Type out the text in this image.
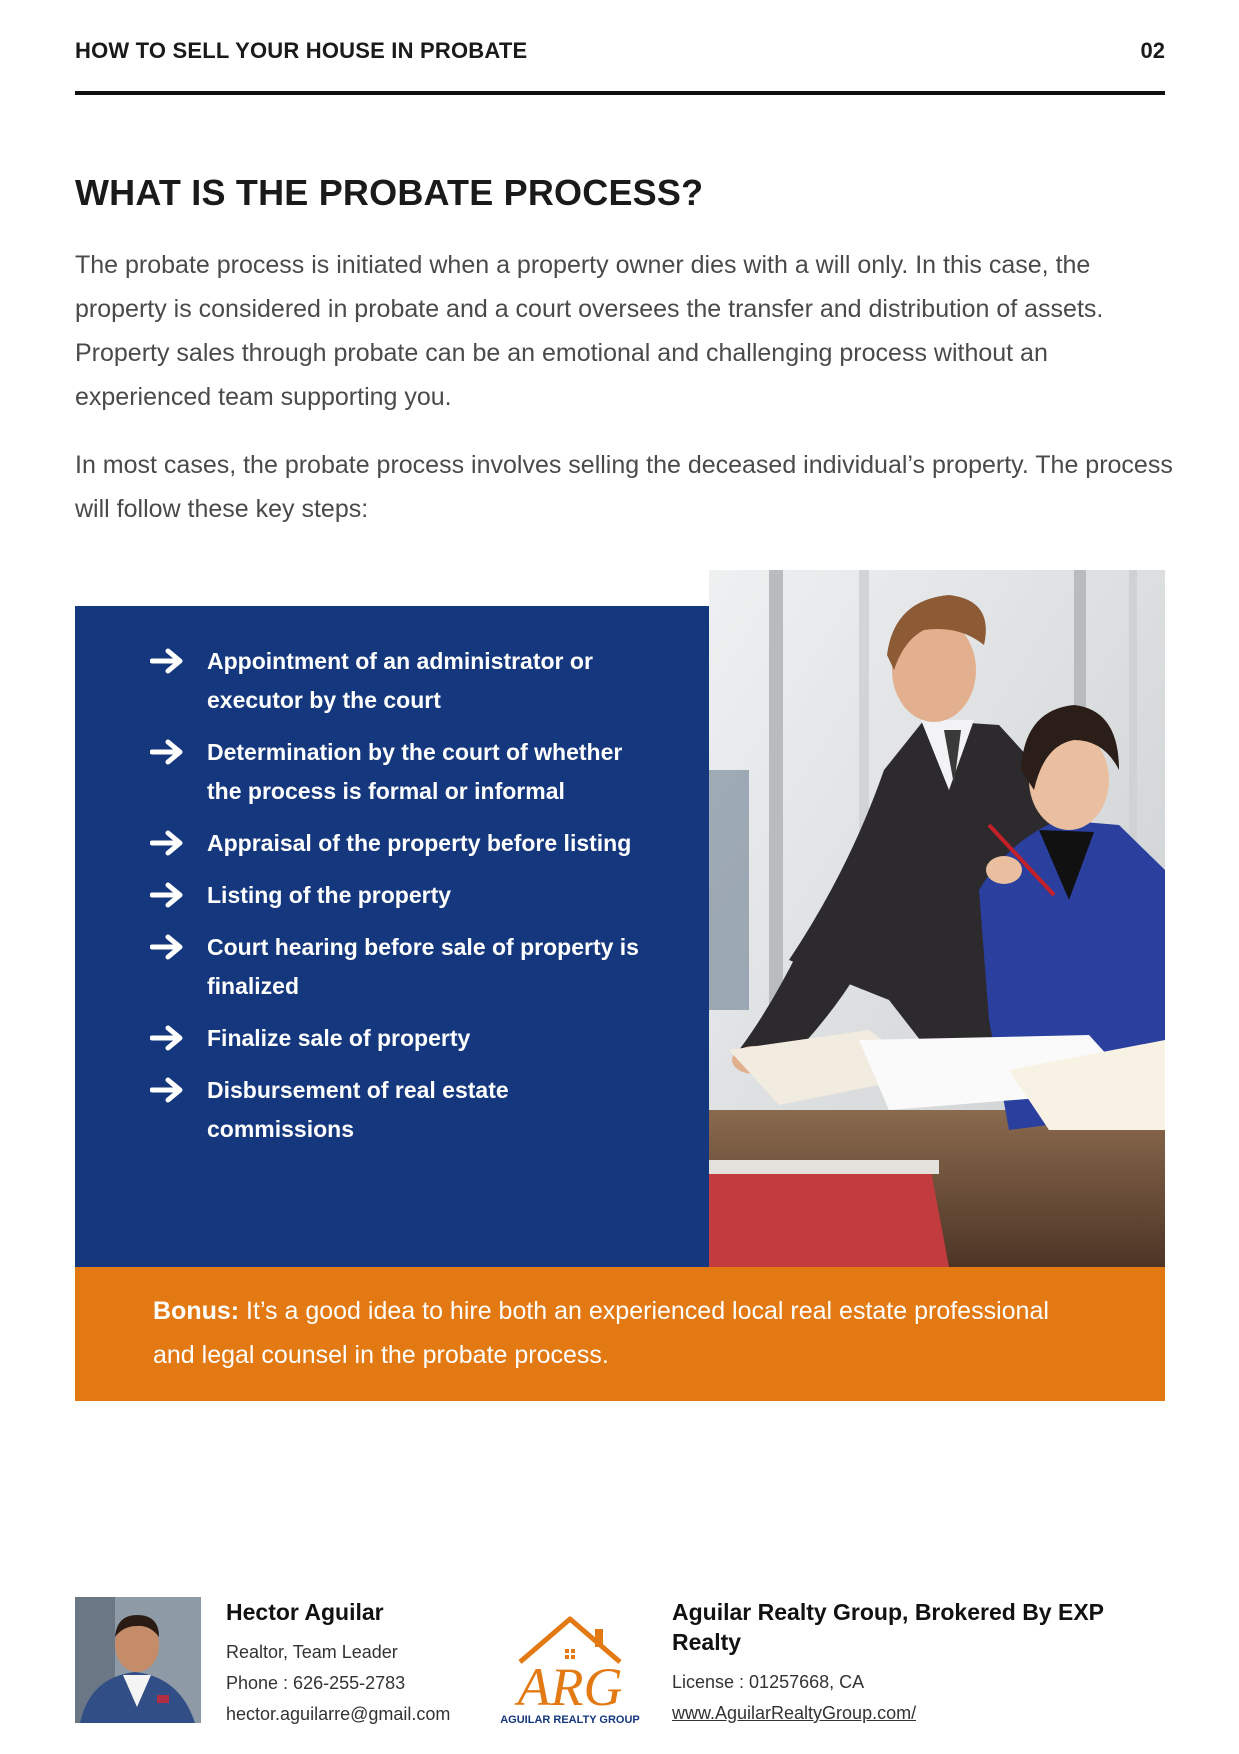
HOW TO SELL YOUR HOUSE IN PROBATE	02
WHAT IS THE PROBATE PROCESS?

The probate process is initiated when a property owner dies with a will only. In this case, the property is considered in probate and a court oversees the transfer and distribution of assets. Property sales through probate can be an emotional and challenging process without an experienced team supporting you.

In most cases, the probate process involves selling the deceased individual’s property. The process will follow these key steps:

Appointment of an administrator or executor by the court
Determination by the court of whether the process is formal or informal
Appraisal of the property before listing
Listing of the property
Court hearing before sale of property is finalized
Finalize sale of property
Disbursement of real estate commissions

Bonus: It’s a good idea to hire both an experienced local real estate professional and legal counsel in the probate process.

Hector Aguilar

Realtor, Team Leader
Phone : 626-255-2783
hector.aguilarre@gmail.com	ARG
AGUILAR REALTY GROUP

Aguilar Realty Group, Brokered By EXP Realty

License : 01257668, CA
www.AguilarRealtyGroup.com/
